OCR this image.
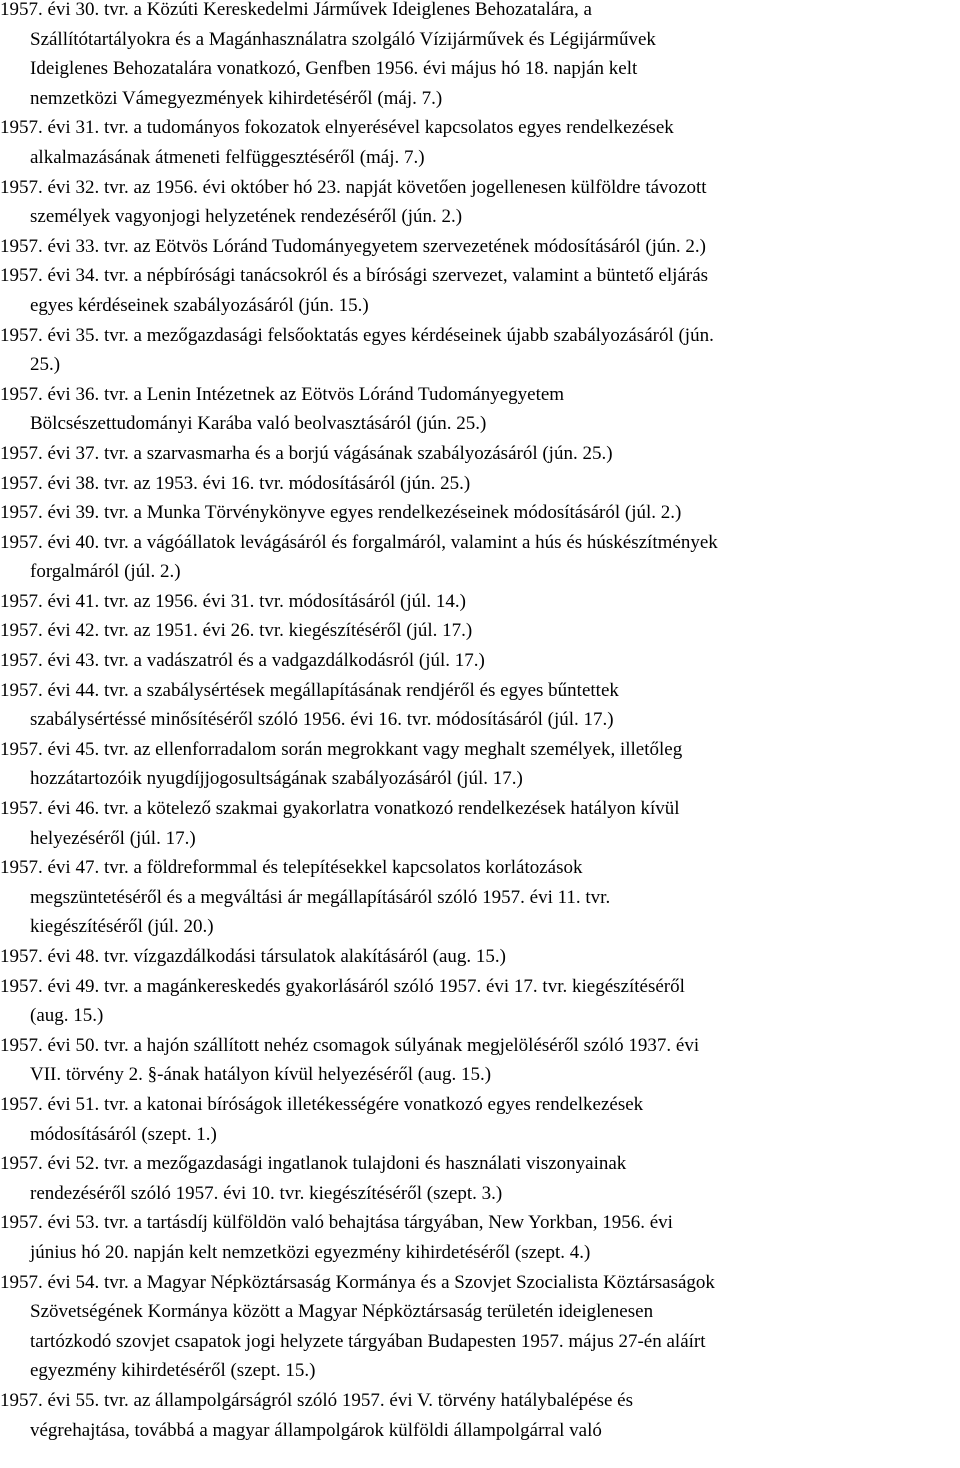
1957. évi 30. tvr. a Közúti Kereskedelmi Járművek Ideiglenes Behozatalára, a
Szállítótartályokra és a Magánhasználatra szolgáló Vízijárművek és Légijárművek
Ideiglenes Behozatalára vonatkozó, Genfben 1956. évi május hó 18. napján kelt
nemzetközi Vámegyezmények kihirdetéséről (máj. 7.)

1957. évi 31. tvr. a tudományos fokozatok elnyerésével kapcsolatos egyes rendelkezések
alkalmazásának átmeneti felfüggesztéséről (máj. 7.)

1957. évi 32. tvr. az 1956. évi október hó 23. napját követően jogellenesen külföldre távozott
személyek vagyonjogi helyzetének rendezéséről (jún. 2.)

1957. évi 33. tvr. az Eötvös Lóránd Tudományegyetem szervezetének módosításáról (jún. 2.)

1957. évi 34. tvr. a népbírósági tanácsokról és a bírósági szervezet, valamint a büntető eljárás
egyes kérdéseinek szabályozásáról (jún. 15.)

1957. évi 35. tvr. a mezőgazdasági felsőoktatás egyes kérdéseinek újabb szabályozásáról (jún.
25.)

1957. évi 36. tvr. a Lenin Intézetnek az Eötvös Lóránd Tudományegyetem
Bölcsészettudományi Karába való beolvasztásáról (jún. 25.)

1957. évi 37. tvr. a szarvasmarha és a borjú vágásának szabályozásáról (jún. 25.)

1957. évi 38. tvr. az 1953. évi 16. tvr. módosításáról (jún. 25.)

1957. évi 39. tvr. a Munka Törvénykönyve egyes rendelkezéseinek módosításáról (júl. 2.)

1957. évi 40. tvr. a vágóállatok levágásáról és forgalmáról, valamint a hús és húskészítmények
forgalmáról (júl. 2.)

1957. évi 41. tvr. az 1956. évi 31. tvr. módosításáról (júl. 14.)

1957. évi 42. tvr. az 1951. évi 26. tvr. kiegészítéséről (júl. 17.)

1957. évi 43. tvr. a vadászatról és a vadgazdálkodásról (júl. 17.)

1957. évi 44. tvr. a szabálysértések megállapításának rendjéről és egyes bűntettek
szabálysértéssé minősítéséről szóló 1956. évi 16. tvr. módosításáról (júl. 17.)

1957. évi 45. tvr. az ellenforradalom során megrokkant vagy meghalt személyek, illetőleg
hozzátartozóik nyugdíjjogosultságának szabályozásáról (júl. 17.)

1957. évi 46. tvr. a kötelező szakmai gyakorlatra vonatkozó rendelkezések hatályon kívül
helyezéséről (júl. 17.)

1957. évi 47. tvr. a földreformmal és telepítésekkel kapcsolatos korlátozások
megszüntetéséről és a megváltási ár megállapításáról szóló 1957. évi 11. tvr.
kiegészítéséről (júl. 20.)

1957. évi 48. tvr. vízgazdálkodási társulatok alakításáról (aug. 15.)

1957. évi 49. tvr. a magánkereskedés gyakorlásáról szóló 1957. évi 17. tvr. kiegészítéséről
(aug. 15.)

1957. évi 50. tvr. a hajón szállított nehéz csomagok súlyának megjelöléséről szóló 1937. évi
VII. törvény 2. §-ának hatályon kívül helyezéséről (aug. 15.)

1957. évi 51. tvr. a katonai bíróságok illetékességére vonatkozó egyes rendelkezések
módosításáról (szept. 1.)

1957. évi 52. tvr. a mezőgazdasági ingatlanok tulajdoni és használati viszonyainak
rendezéséről szóló 1957. évi 10. tvr. kiegészítéséről (szept. 3.)

1957. évi 53. tvr. a tartásdíj külföldön való behajtása tárgyában, New Yorkban, 1956. évi
június hó 20. napján kelt nemzetközi egyezmény kihirdetéséről (szept. 4.)

1957. évi 54. tvr. a Magyar Népköztársaság Kormánya és a Szovjet Szocialista Köztársaságok
Szövetségének Kormánya között a Magyar Népköztársaság területén ideiglenesen
tartózkodó szovjet csapatok jogi helyzete tárgyában Budapesten 1957. május 27-én aláírt
egyezmény kihirdetéséről (szept. 15.)

1957. évi 55. tvr. az állampolgárságról szóló 1957. évi V. törvény hatálybalépése és
végrehajtása, továbbá a magyar állampolgárok külföldi állampolgárral való
